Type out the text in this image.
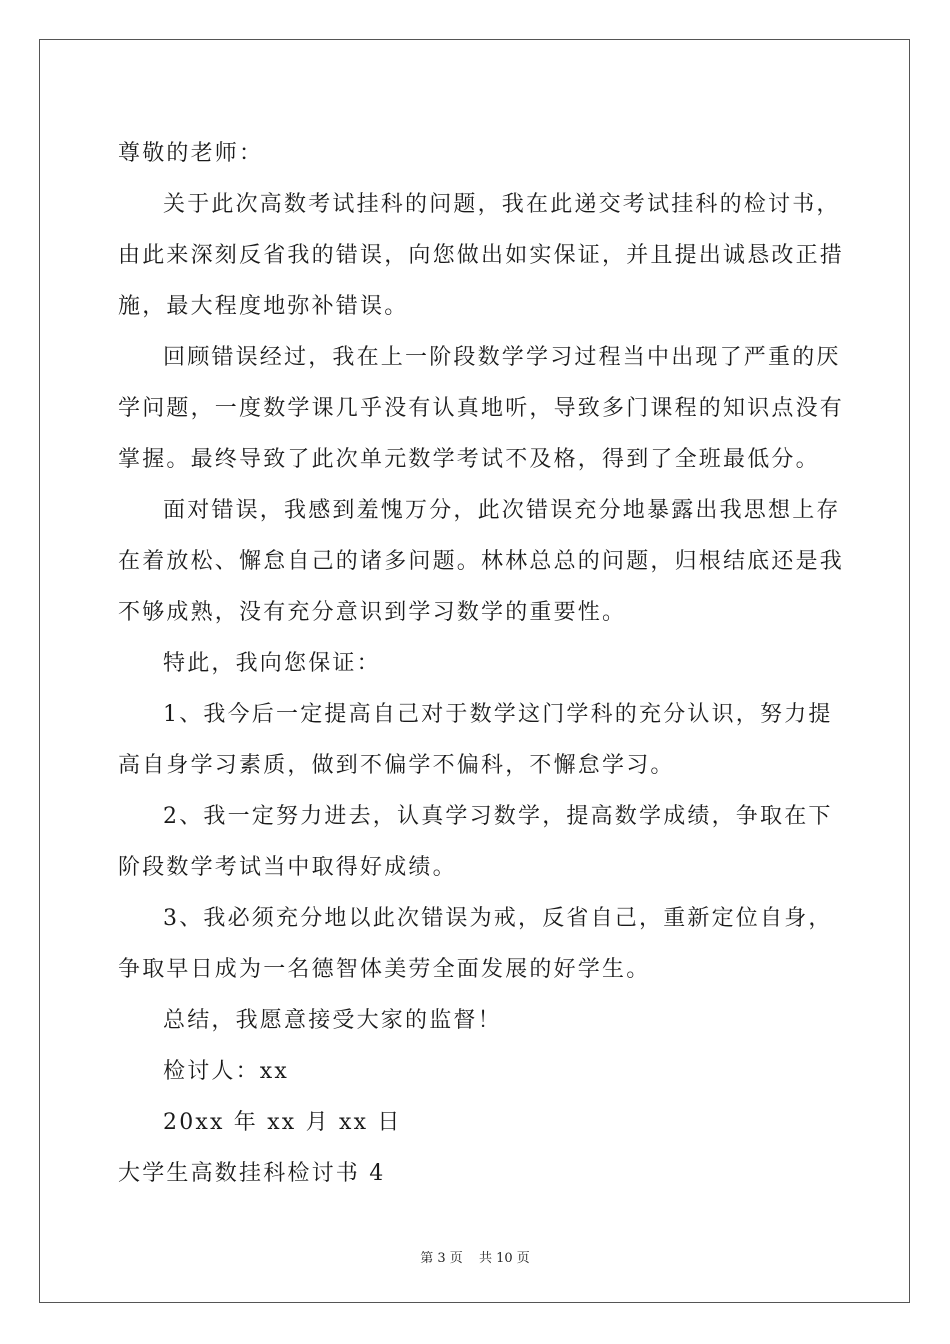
尊敬的老师：
关于此次高数考试挂科的问题，我在此递交考试挂科的检讨书，
由此来深刻反省我的错误，向您做出如实保证，并且提出诚恳改正措
施，最大程度地弥补错误。
回顾错误经过，我在上一阶段数学学习过程当中出现了严重的厌
学问题，一度数学课几乎没有认真地听，导致多门课程的知识点没有
掌握。最终导致了此次单元数学考试不及格，得到了全班最低分。
面对错误，我感到羞愧万分，此次错误充分地暴露出我思想上存
在着放松、懈怠自己的诸多问题。林林总总的问题，归根结底还是我
不够成熟，没有充分意识到学习数学的重要性。
特此，我向您保证：
1、我今后一定提高自己对于数学这门学科的充分认识，努力提
高自身学习素质，做到不偏学不偏科，不懈怠学习。
2、我一定努力进去，认真学习数学，提高数学成绩，争取在下
阶段数学考试当中取得好成绩。
3、我必须充分地以此次错误为戒，反省自己，重新定位自身，
争取早日成为一名德智体美劳全面发展的好学生。
总结，我愿意接受大家的监督！
检讨人：xx
20xx 年 xx 月 xx 日
大学生高数挂科检讨书 4
第 3 页 共 10 页
